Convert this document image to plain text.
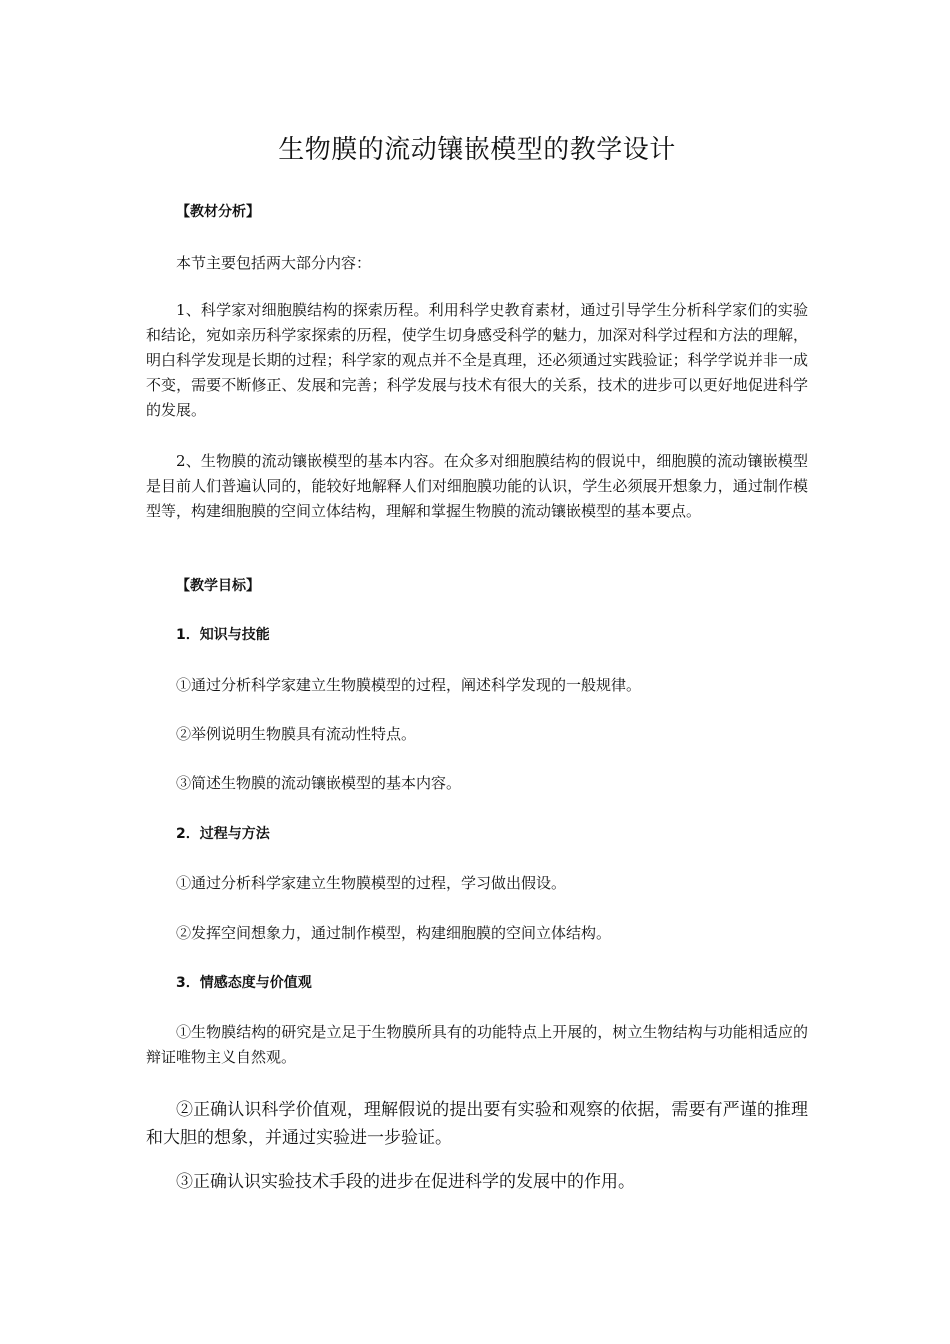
生物膜的流动镶嵌模型的教学设计

【教材分析】

本节主要包括两大部分内容：

1、科学家对细胞膜结构的探索历程。利用科学史教育素材，通过引导学生分析科学家们的实验和结论，宛如亲历科学家探索的历程，使学生切身感受科学的魅力，加深对科学过程和方法的理解，明白科学发现是长期的过程；科学家的观点并不全是真理，还必须通过实践验证；科学学说并非一成不变，需要不断修正、发展和完善；科学发展与技术有很大的关系，技术的进步可以更好地促进科学的发展。

2、生物膜的流动镶嵌模型的基本内容。在众多对细胞膜结构的假说中，细胞膜的流动镶嵌模型是目前人们普遍认同的，能较好地解释人们对细胞膜功能的认识，学生必须展开想象力，通过制作模型等，构建细胞膜的空间立体结构，理解和掌握生物膜的流动镶嵌模型的基本要点。

【教学目标】

1．知识与技能

①通过分析科学家建立生物膜模型的过程，阐述科学发现的一般规律。

②举例说明生物膜具有流动性特点。

③简述生物膜的流动镶嵌模型的基本内容。

2．过程与方法

①通过分析科学家建立生物膜模型的过程，学习做出假设。

②发挥空间想象力，通过制作模型，构建细胞膜的空间立体结构。

3．情感态度与价值观

①生物膜结构的研究是立足于生物膜所具有的功能特点上开展的，树立生物结构与功能相适应的辩证唯物主义自然观。

②正确认识科学价值观，理解假说的提出要有实验和观察的依据，需要有严谨的推理和大胆的想象，并通过实验进一步验证。

③正确认识实验技术手段的进步在促进科学的发展中的作用。
